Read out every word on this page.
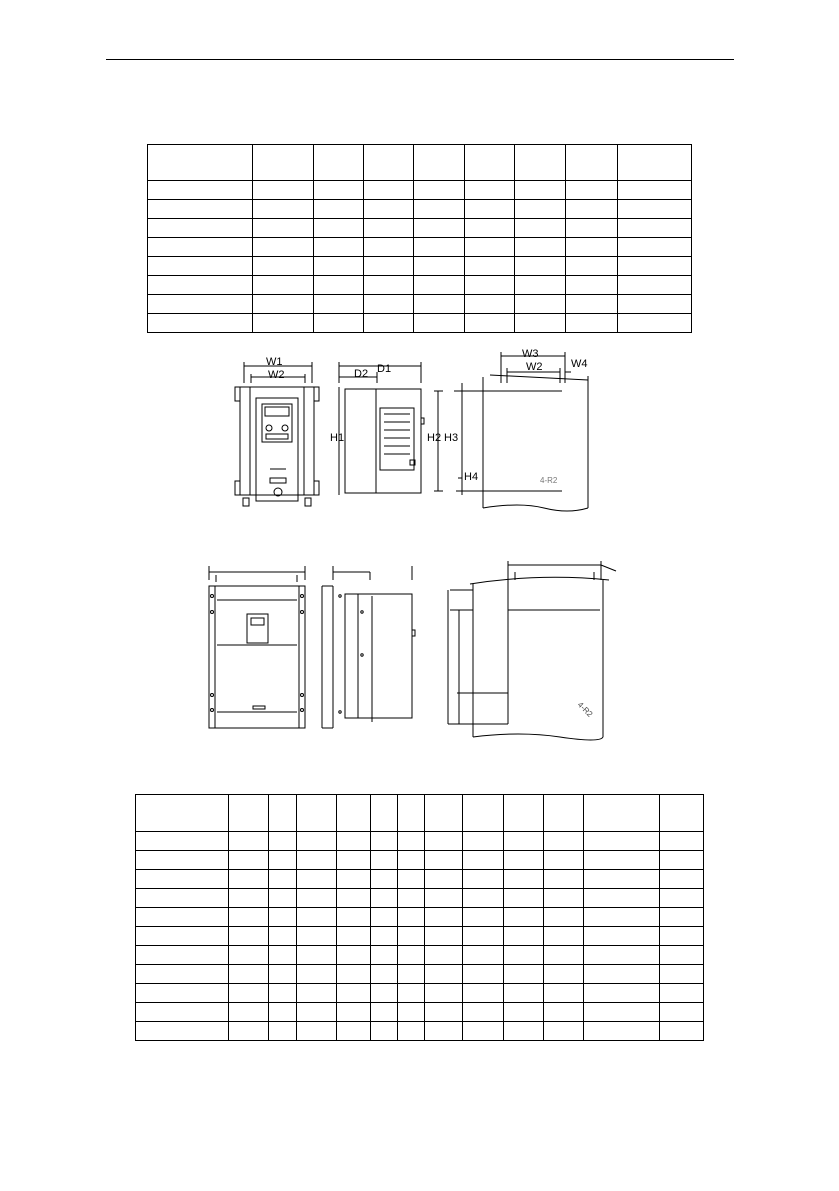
W1
W2	D1
D2
H1	H2 H3
H4
W3
W2	W4
4-R2
4-R2
